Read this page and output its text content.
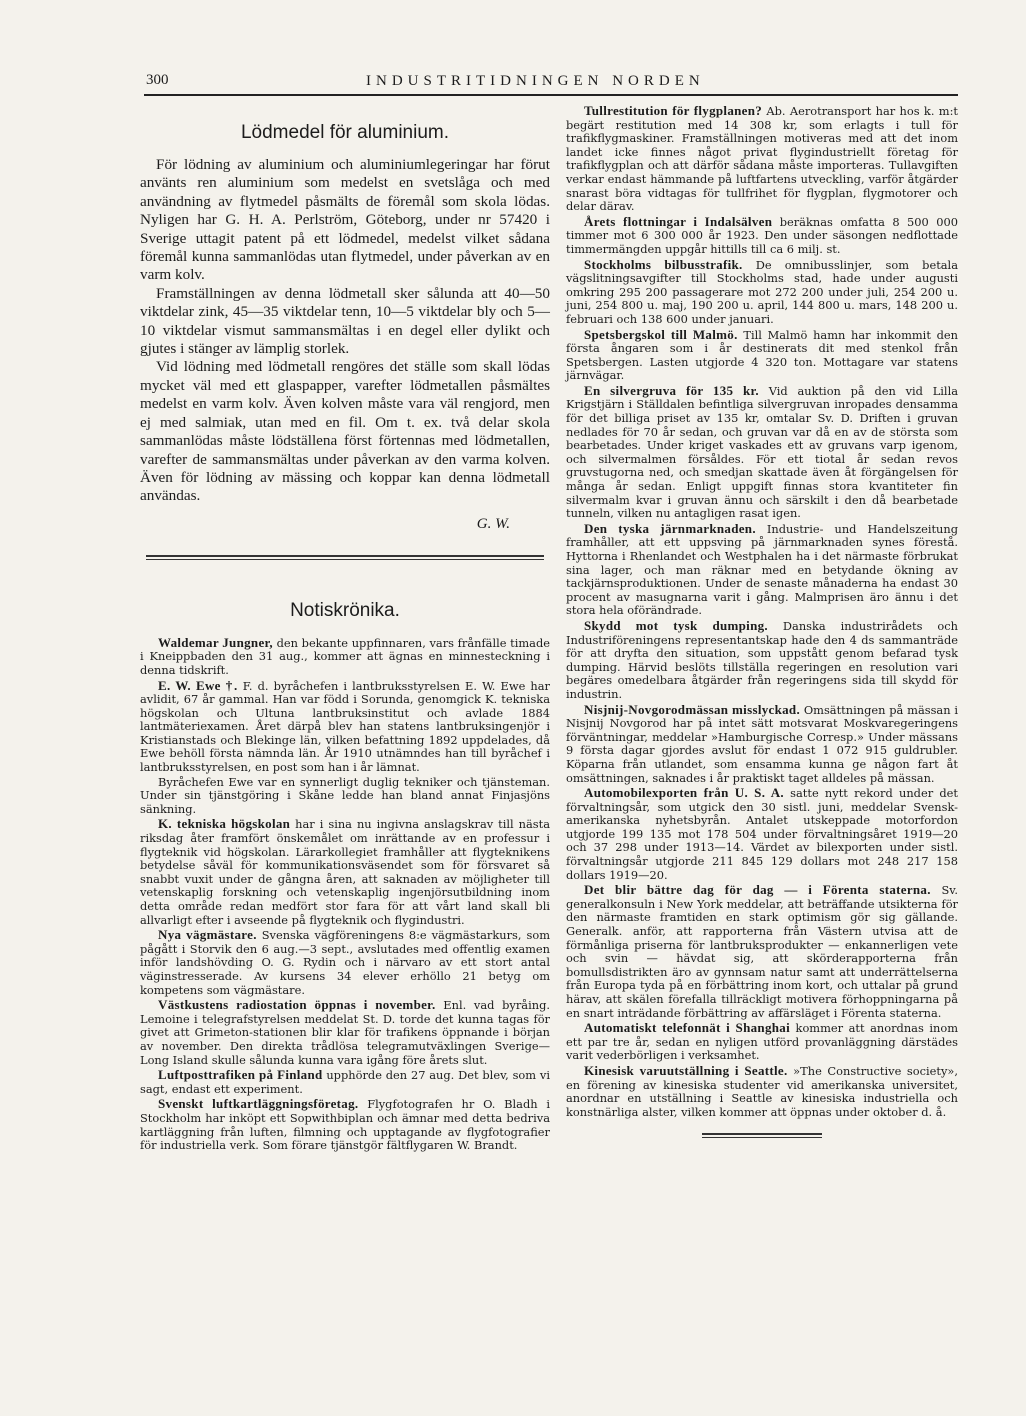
300	INDUSTRITIDNINGEN NORDEN
Lödmedel för aluminium.

För lödning av aluminium och aluminiumlegeringar har förut använts ren aluminium som medelst en svetslåga och med användning av flytmedel påsmälts de föremål som skola lödas. Nyligen har G. H. A. Perlström, Göteborg, under nr 57420 i Sverige uttagit patent på ett lödmedel, medelst vilket sådana föremål kunna sammanlödas utan flytmedel, under påverkan av en varm kolv.

Framställningen av denna lödmetall sker sålunda att 40—50 viktdelar zink, 45—35 viktdelar tenn, 10—5 viktdelar bly och 5—10 viktdelar vismut sammansmältas i en degel eller dylikt och gjutes i stänger av lämplig storlek.

Vid lödning med lödmetall rengöres det ställe som skall lödas mycket väl med ett glaspapper, varefter lödmetallen påsmältes medelst en varm kolv. Även kolven måste vara väl rengjord, men ej med salmiak, utan med en fil. Om t. ex. två delar skola sammanlödas måste lödställena först förtennas med lödmetallen, varefter de sammansmältas under påverkan av den varma kolven. Även för lödning av mässing och koppar kan denna lödmetall användas.

G. W.
Notiskrönika.

Waldemar Jungner, den bekante uppfinnaren, vars frånfälle timade i Kneippbaden den 31 aug., kommer att ägnas en minnesteckning i denna tidskrift.

E. W. Ewe †. F. d. byråchefen i lantbruksstyrelsen E. W. Ewe har avlidit, 67 år gammal. Han var född i Sorunda, genomgick K. tekniska högskolan och Ultuna lantbruksinstitut och avlade 1884 lantmäteriexamen. Året därpå blev han statens lantbruksingenjör i Kristianstads och Blekinge län, vilken befattning 1892 uppdelades, då Ewe behöll första nämnda län. År 1910 utnämndes han till byråchef i lantbruksstyrelsen, en post som han i år lämnat.

Byråchefen Ewe var en synnerligt duglig tekniker och tjänsteman. Under sin tjänstgöring i Skåne ledde han bland annat Finjasjöns sänkning.

K. tekniska högskolan har i sina nu ingivna anslagskrav till nästa riksdag åter framfört önskemålet om inrättande av en professur i flygteknik vid högskolan. Lärarkollegiet framhåller att flygteknikens betydelse såväl för kommunikationsväsendet som för försvaret så snabbt vuxit under de gångna åren, att saknaden av möjligheter till vetenskaplig forskning och vetenskaplig ingenjörsutbildning inom detta område redan medfört stor fara för att vårt land skall bli allvarligt efter i avseende på flygteknik och flygindustri.

Nya vägmästare. Svenska vägföreningens 8:e vägmästarkurs, som pågått i Storvik den 6 aug.—3 sept., avslutades med offentlig examen inför landshövding O. G. Rydin och i närvaro av ett stort antal väginstresserade. Av kursens 34 elever erhöllo 21 betyg om kompetens som vägmästare.

Västkustens radiostation öppnas i november. Enl. vad byråing. Lemoine i telegrafstyrelsen meddelat St. D. torde det kunna tagas för givet att Grimeton-stationen blir klar för trafikens öppnande i början av november. Den direkta trådlösa telegramutväxlingen Sverige—Long Island skulle sålunda kunna vara igång före årets slut.

Luftposttrafiken på Finland upphörde den 27 aug. Det blev, som vi sagt, endast ett experiment.

Svenskt luftkartläggningsföretag. Flygfotografen hr O. Bladh i Stockholm har inköpt ett Sopwithbiplan och ämnar med detta bedriva kartläggning från luften, filmning och upptagande av flygfotografier för industriella verk. Som förare tjänstgör fältflygaren W. Brandt.

Tullrestitution för flygplanen? Ab. Aerotransport har hos k. m:t begärt restitution med 14 308 kr, som erlagts i tull för trafikflygmaskiner. Framställningen motiveras med att det inom landet icke finnes något privat flygindustriellt företag för trafikflygplan och att därför sådana måste importeras. Tullavgiften verkar endast hämmande på luftfartens utveckling, varför åtgärder snarast böra vidtagas för tullfrihet för flygplan, flygmotorer och delar därav.

Årets flottningar i Indalsälven beräknas omfatta 8 500 000 timmer mot 6 300 000 år 1923. Den under säsongen nedflottade timmermängden uppgår hittills till ca 6 milj. st.

Stockholms bilbusstrafik. De omnibusslinjer, som betala vägslitningsavgifter till Stockholms stad, hade under augusti omkring 295 200 passagerare mot 272 200 under juli, 254 200 u. juni, 254 800 u. maj, 190 200 u. april, 144 800 u. mars, 148 200 u. februari och 138 600 under januari.

Spetsbergskol till Malmö. Till Malmö hamn har inkommit den första ångaren som i år destinerats dit med stenkol från Spetsbergen. Lasten utgjorde 4 320 ton. Mottagare var statens järnvägar.

En silvergruva för 135 kr. Vid auktion på den vid Lilla Krigstjärn i Ställdalen befintliga silvergruvan inropades densamma för det billiga priset av 135 kr, omtalar Sv. D. Driften i gruvan nedlades för 70 år sedan, och gruvan var då en av de största som bearbetades. Under kriget vaskades ett av gruvans varp igenom, och silvermalmen försåldes. För ett tiotal år sedan revos gruvstugorna ned, och smedjan skattade även åt förgängelsen för många år sedan. Enligt uppgift finnas stora kvantiteter fin silvermalm kvar i gruvan ännu och särskilt i den då bearbetade tunneln, vilken nu antagligen rasat igen.

Den tyska järnmarknaden. Industrie- und Handelszeitung framhåller, att ett uppsving på järnmarknaden synes förestå. Hyttorna i Rhenlandet och Westphalen ha i det närmaste förbrukat sina lager, och man räknar med en betydande ökning av tackjärnsproduktionen. Under de senaste månaderna ha endast 30 procent av masugnarna varit i gång. Malmprisen äro ännu i det stora hela oförändrade.

Skydd mot tysk dumping. Danska industrirådets och Industriföreningens representantskap hade den 4 ds sammanträde för att dryfta den situation, som uppstått genom befarad tysk dumping. Härvid beslöts tillställa regeringen en resolution vari begäres omedelbara åtgärder från regeringens sida till skydd för industrin.

Nisjnij-Novgorodmässan misslyckad. Omsättningen på mässan i Nisjnij Novgorod har på intet sätt motsvarat Moskvaregeringens förväntningar, meddelar »Hamburgische Corresp.» Under mässans 9 första dagar gjordes avslut för endast 1 072 915 guldrubler. Köparna från utlandet, som ensamma kunna ge någon fart åt omsättningen, saknades i år praktiskt taget alldeles på mässan.

Automobilexporten från U. S. A. satte nytt rekord under det förvaltningsår, som utgick den 30 sistl. juni, meddelar Svensk-amerikanska nyhetsbyrån. Antalet utskeppade motorfordon utgjorde 199 135 mot 178 504 under förvaltningsåret 1919—20 och 37 298 under 1913—14. Värdet av bilexporten under sistl. förvaltningsår utgjorde 211 845 129 dollars mot 248 217 158 dollars 1919—20.

Det blir bättre dag för dag — i Förenta staterna. Sv. generalkonsuln i New York meddelar, att beträffande utsikterna för den närmaste framtiden en stark optimism gör sig gällande. Generalk. anför, att rapporterna från Västern utvisa att de förmånliga priserna för lantbruksprodukter — enkannerligen vete och svin — hävdat sig, att skörderapporterna från bomullsdistrikten äro av gynnsam natur samt att underrättelserna från Europa tyda på en förbättring inom kort, och uttalar på grund härav, att skälen förefalla tillräckligt motivera förhoppningarna på en snart inträdande förbättring av affärsläget i Förenta staterna.

Automatiskt telefonnät i Shanghai kommer att anordnas inom ett par tre år, sedan en nyligen utförd provanläggning därstädes varit vederbörligen i verksamhet.

Kinesisk varuutställning i Seattle. »The Constructive society», en förening av kinesiska studenter vid amerikanska universitet, anordnar en utställning i Seattle av kinesiska industriella och konstnärliga alster, vilken kommer att öppnas under oktober d. å.
